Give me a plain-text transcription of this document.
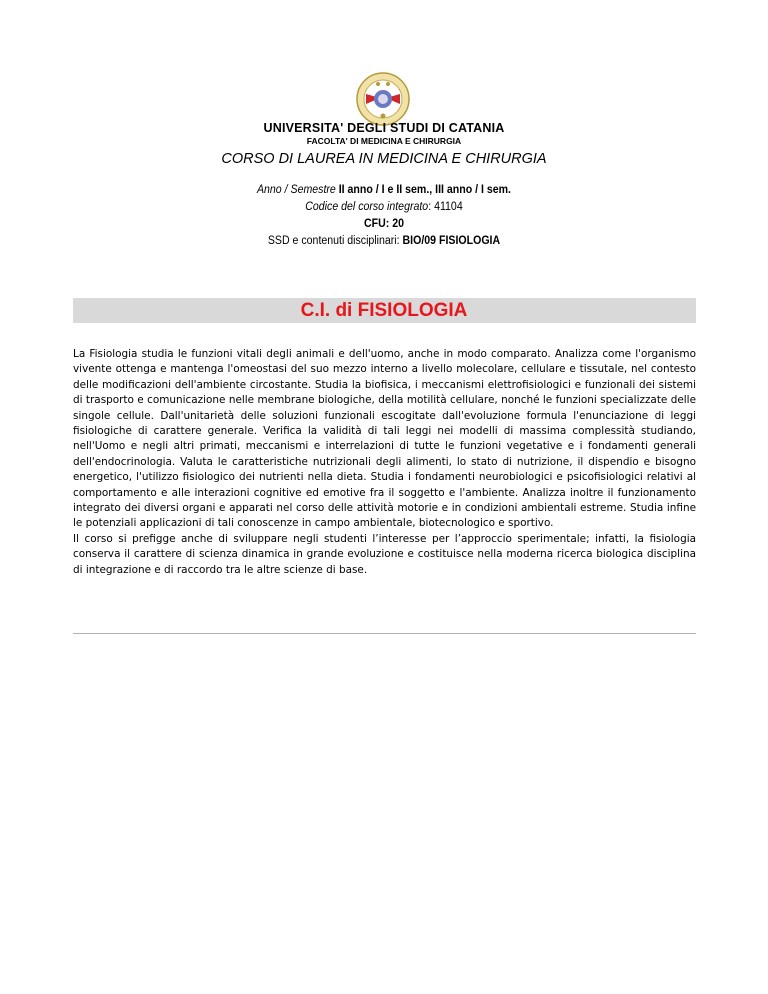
UNIVERSITA' DEGLI STUDI DI CATANIA
FACOLTA' DI MEDICINA E CHIRURGIA
CORSO DI LAUREA IN MEDICINA E CHIRURGIA
Anno / Semestre II anno / I e II sem., III anno / I sem.
Codice del corso integrato: 41104
CFU: 20
SSD e contenuti disciplinari: BIO/09 FISIOLOGIA
C.I. di FISIOLOGIA

La Fisiologia studia le funzioni vitali degli animali e dell'uomo, anche in modo comparato. Analizza come l'organismo vivente ottenga e mantenga l'omeostasi del suo mezzo interno a livello molecolare, cellulare e tissutale, nel contesto delle modificazioni dell'ambiente circostante. Studia la biofisica, i meccanismi elettrofisiologici e funzionali dei sistemi di trasporto e comunicazione nelle membrane biologiche, della motilità cellulare, nonché le funzioni specializzate delle singole cellule. Dall'unitarietà delle soluzioni funzionali escogitate dall'evoluzione formula l'enunciazione di leggi fisiologiche di carattere generale. Verifica la validità di tali leggi nei modelli di massima complessità studiando, nell'Uomo e negli altri primati, meccanismi e interrelazioni di tutte le funzioni vegetative e i fondamenti generali dell'endocrinologia. Valuta le caratteristiche nutrizionali degli alimenti, lo stato di nutrizione, il dispendio e bisogno energetico, l'utilizzo fisiologico dei nutrienti nella dieta. Studia i fondamenti neurobiologici e psicofisiologici relativi al comportamento e alle interazioni cognitive ed emotive fra il soggetto e l'ambiente. Analizza inoltre il funzionamento integrato dei diversi organi e apparati nel corso delle attività motorie e in condizioni ambientali estreme. Studia infine le potenziali applicazioni di tali conoscenze in campo ambientale, biotecnologico e sportivo.

Il corso si prefigge anche di sviluppare negli studenti l’interesse per l’approccio sperimentale; infatti, la fisiologia conserva il carattere di scienza dinamica in grande evoluzione e costituisce nella moderna ricerca biologica disciplina di integrazione e di raccordo tra le altre scienze di base.
